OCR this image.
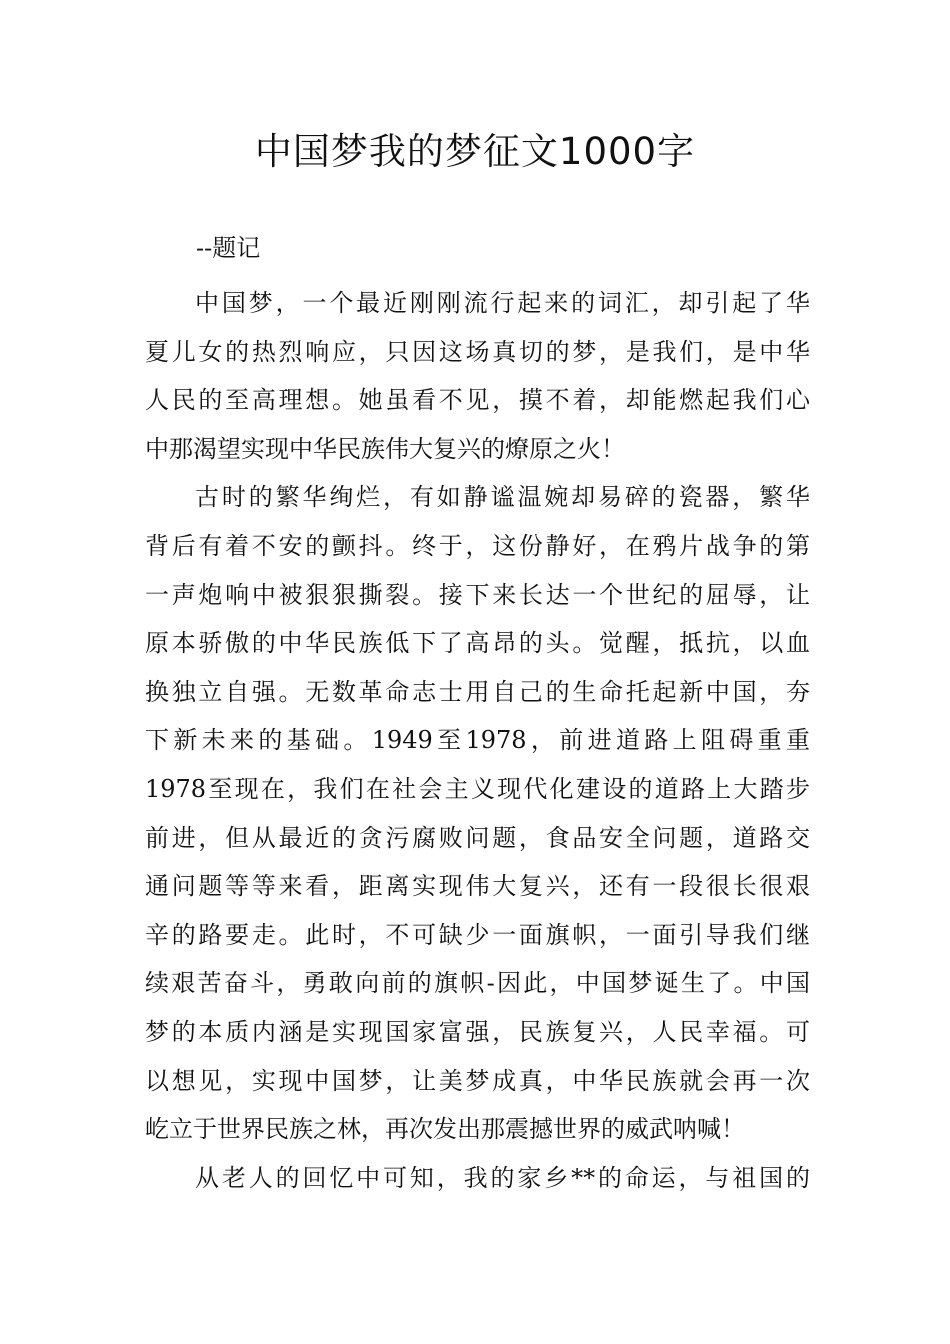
中国梦我的梦征文1000字
--题记
中国梦，一个最近刚刚流行起来的词汇，却引起了华
夏儿女的热烈响应，只因这场真切的梦，是我们，是中华
人民的至高理想。她虽看不见，摸不着，却能燃起我们心
中那渴望实现中华民族伟大复兴的燎原之火！
古时的繁华绚烂，有如静谧温婉却易碎的瓷器，繁华
背后有着不安的颤抖。终于，这份静好，在鸦片战争的第
一声炮响中被狠狠撕裂。接下来长达一个世纪的屈辱，让
原本骄傲的中华民族低下了高昂的头。觉醒，抵抗，以血
换独立自强。无数革命志士用自己的生命托起新中国，夯
下新未来的基础。1949至1978，前进道路上阻碍重重
1978至现在，我们在社会主义现代化建设的道路上大踏步
前进，但从最近的贪污腐败问题，食品安全问题，道路交
通问题等等来看，距离实现伟大复兴，还有一段很长很艰
辛的路要走。此时，不可缺少一面旗帜，一面引导我们继
续艰苦奋斗，勇敢向前的旗帜-因此，中国梦诞生了。中国
梦的本质内涵是实现国家富强，民族复兴，人民幸福。可
以想见，实现中国梦，让美梦成真，中华民族就会再一次
屹立于世界民族之林，再次发出那震撼世界的威武呐喊！
从老人的回忆中可知，我的家乡**的命运，与祖国的
